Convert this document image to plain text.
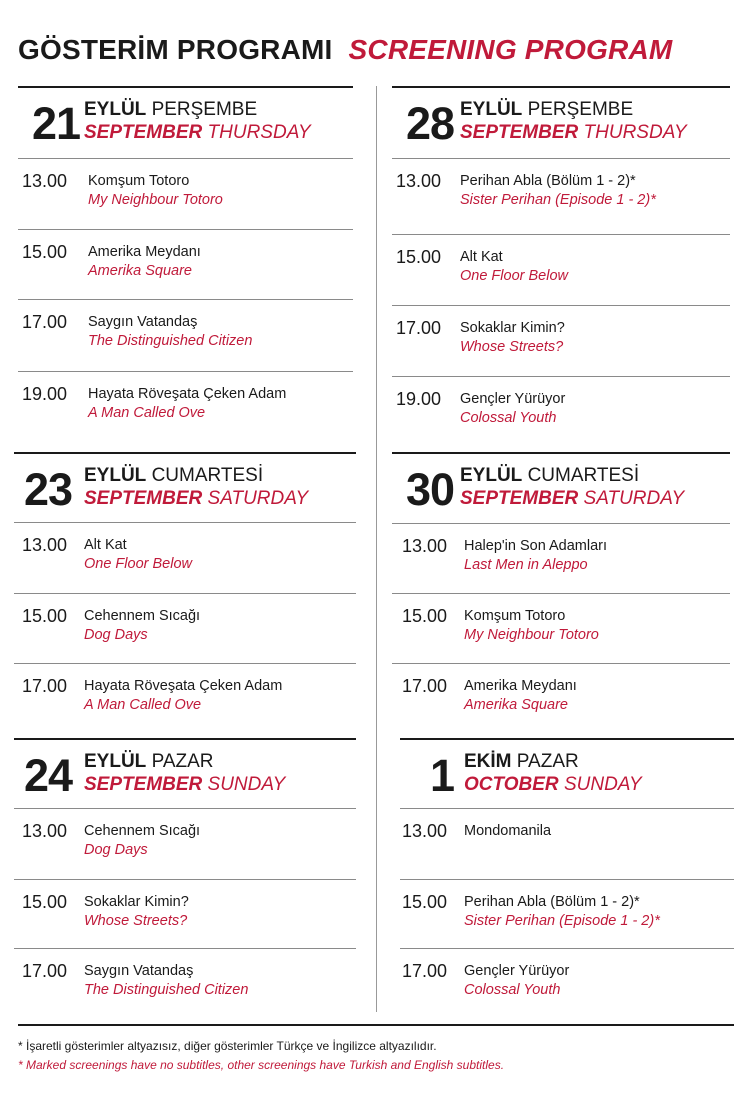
GÖSTERİM PROGRAMI SCREENING PROGRAM
21 EYLÜL PERŞEMBE
SEPTEMBER THURSDAY
13.00 Komşum Totoro
My Neighbour Totoro
15.00 Amerika Meydanı
Amerika Square
17.00 Saygın Vatandaş
The Distinguished Citizen
19.00 Hayata Röveşata Çeken Adam
A Man Called Ove
23 EYLÜL CUMARTESİ
SEPTEMBER SATURDAY
13.00 Alt Kat
One Floor Below
15.00 Cehennem Sıcağı
Dog Days
17.00 Hayata Röveşata Çeken Adam
A Man Called Ove
24 EYLÜL PAZAR
SEPTEMBER SUNDAY
13.00 Cehennem Sıcağı
Dog Days
15.00 Sokaklar Kimin?
Whose Streets?
17.00 Saygın Vatandaş
The Distinguished Citizen
28 EYLÜL PERŞEMBE
SEPTEMBER THURSDAY
13.00 Perihan Abla (Bölüm 1 - 2)*
Sister Perihan (Episode 1 - 2)*
15.00 Alt Kat
One Floor Below
17.00 Sokaklar Kimin?
Whose Streets?
19.00 Gençler Yürüyor
Colossal Youth
30 EYLÜL CUMARTESİ
SEPTEMBER SATURDAY
13.00 Halep'in Son Adamları
Last Men in Aleppo
15.00 Komşum Totoro
My Neighbour Totoro
17.00 Amerika Meydanı
Amerika Square
1 EKİM PAZAR
OCTOBER SUNDAY
13.00 Mondomanila
15.00 Perihan Abla (Bölüm 1 - 2)*
Sister Perihan (Episode 1 - 2)*
17.00 Gençler Yürüyor
Colossal Youth
* İşaretli gösterimler altyazısız, diğer gösterimler Türkçe ve İngilizce altyazılıdır.
* Marked screenings have no subtitles, other screenings have Turkish and English subtitles.
